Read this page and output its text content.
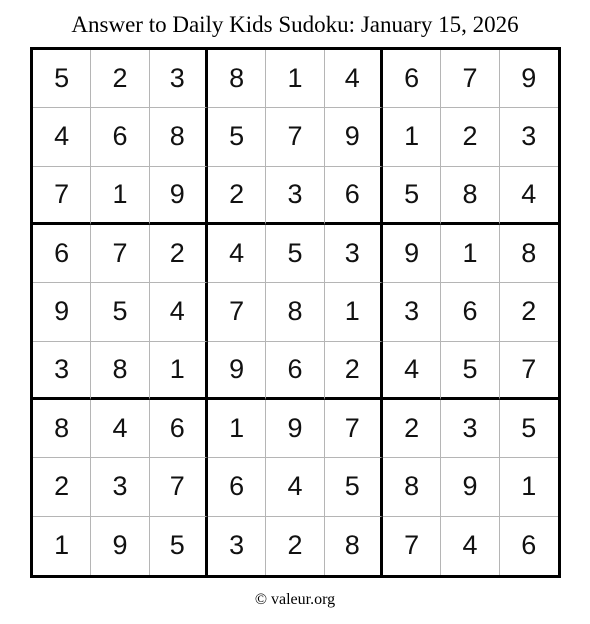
Answer to Daily Kids Sudoku: January 15, 2026
5	2	3	8	1	4	6	7	9
4	6	8	5	7	9	1	2	3
7	1	9	2	3	6	5	8	4
6	7	2	4	5	3	9	1	8
9	5	4	7	8	1	3	6	2
3	8	1	9	6	2	4	5	7
8	4	6	1	9	7	2	3	5
2	3	7	6	4	5	8	9	1
1	9	5	3	2	8	7	4	6
© valeur.org
